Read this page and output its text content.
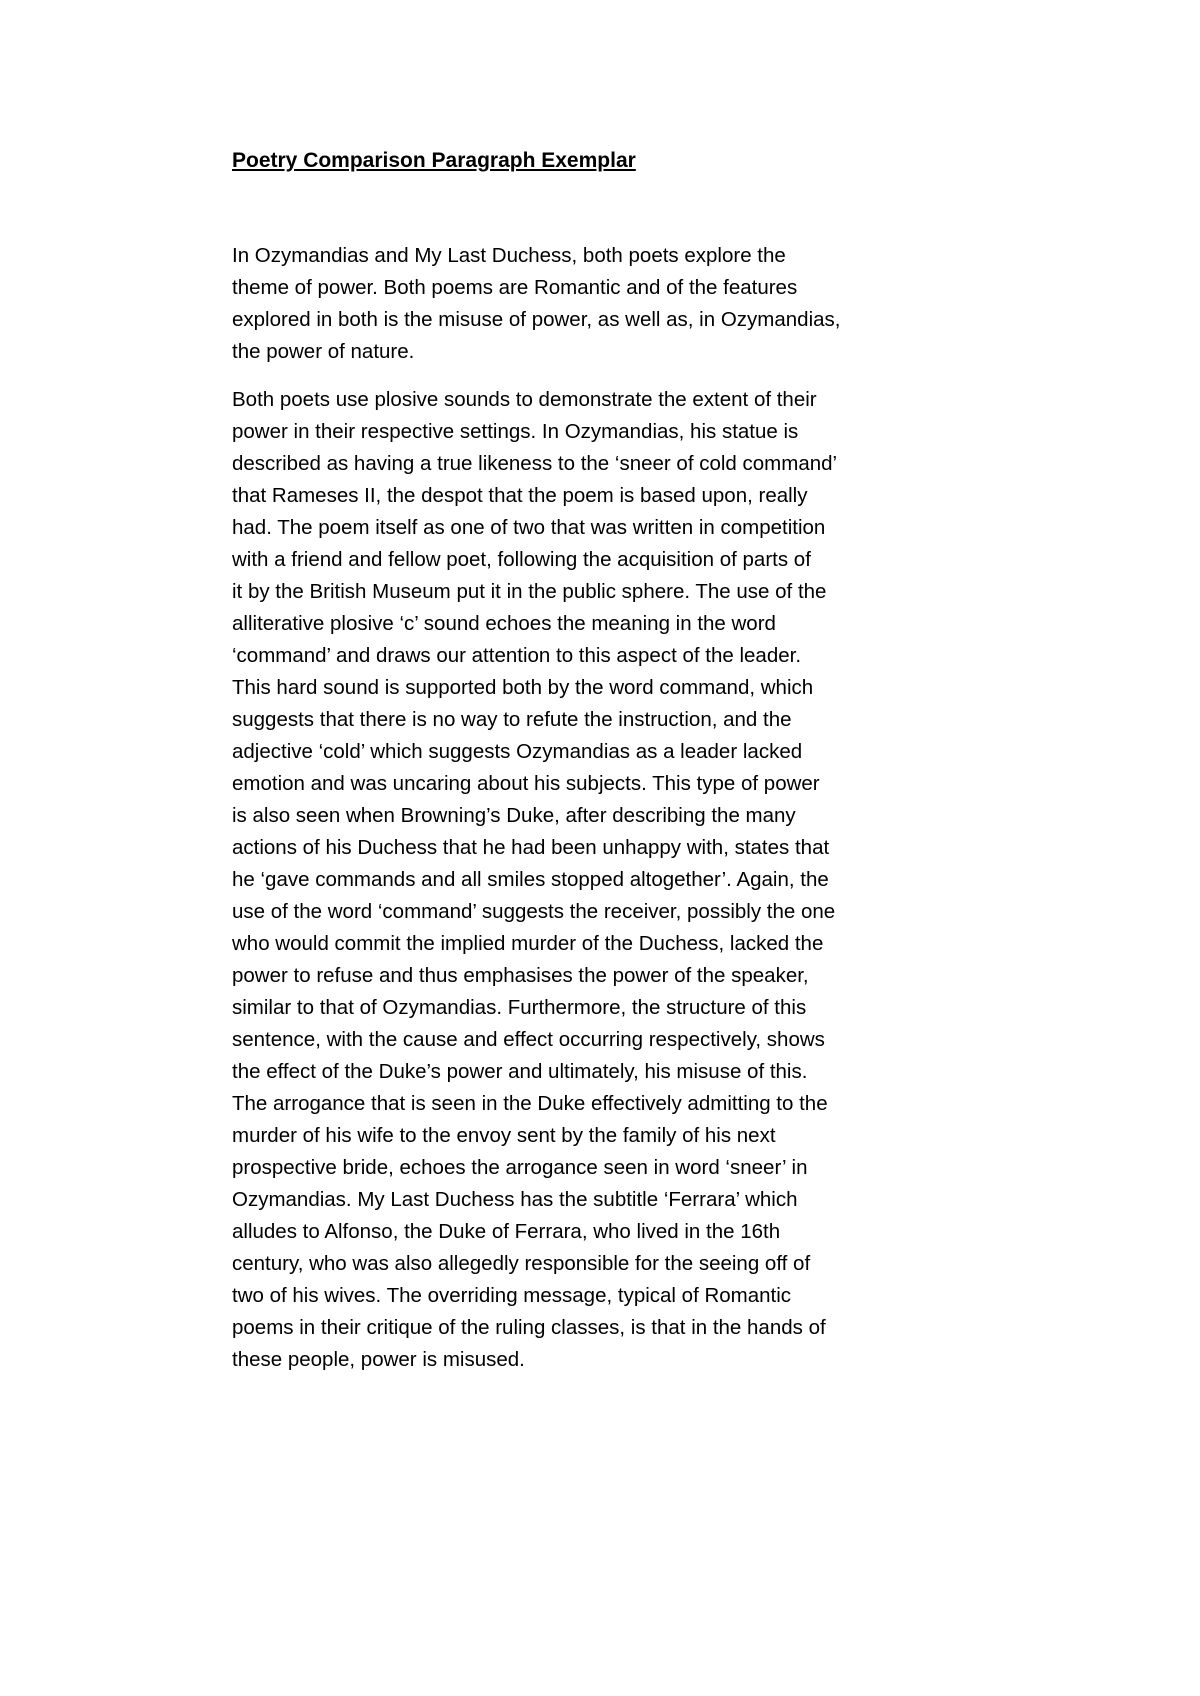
Poetry Comparison Paragraph Exemplar

In Ozymandias and My Last Duchess, both poets explore the
theme of power. Both poems are Romantic and of the features
explored in both is the misuse of power, as well as, in Ozymandias,
the power of nature.

Both poets use plosive sounds to demonstrate the extent of their
power in their respective settings. In Ozymandias, his statue is
described as having a true likeness to the ‘sneer of cold command’
that Rameses II, the despot that the poem is based upon, really
had. The poem itself as one of two that was written in competition
with a friend and fellow poet, following the acquisition of parts of
it by the British Museum put it in the public sphere. The use of the
alliterative plosive ‘c’ sound echoes the meaning in the word
‘command’ and draws our attention to this aspect of the leader.
This hard sound is supported both by the word command, which
suggests that there is no way to refute the instruction, and the
adjective ‘cold’ which suggests Ozymandias as a leader lacked
emotion and was uncaring about his subjects. This type of power
is also seen when Browning’s Duke, after describing the many
actions of his Duchess that he had been unhappy with, states that
he ‘gave commands and all smiles stopped altogether’. Again, the
use of the word ‘command’ suggests the receiver, possibly the one
who would commit the implied murder of the Duchess, lacked the
power to refuse and thus emphasises the power of the speaker,
similar to that of Ozymandias. Furthermore, the structure of this
sentence, with the cause and effect occurring respectively, shows
the effect of the Duke’s power and ultimately, his misuse of this.
The arrogance that is seen in the Duke effectively admitting to the
murder of his wife to the envoy sent by the family of his next
prospective bride, echoes the arrogance seen in word ‘sneer’ in
Ozymandias. My Last Duchess has the subtitle ‘Ferrara’ which
alludes to Alfonso, the Duke of Ferrara, who lived in the 16th
century, who was also allegedly responsible for the seeing off of
two of his wives. The overriding message, typical of Romantic
poems in their critique of the ruling classes, is that in the hands of
these people, power is misused.
